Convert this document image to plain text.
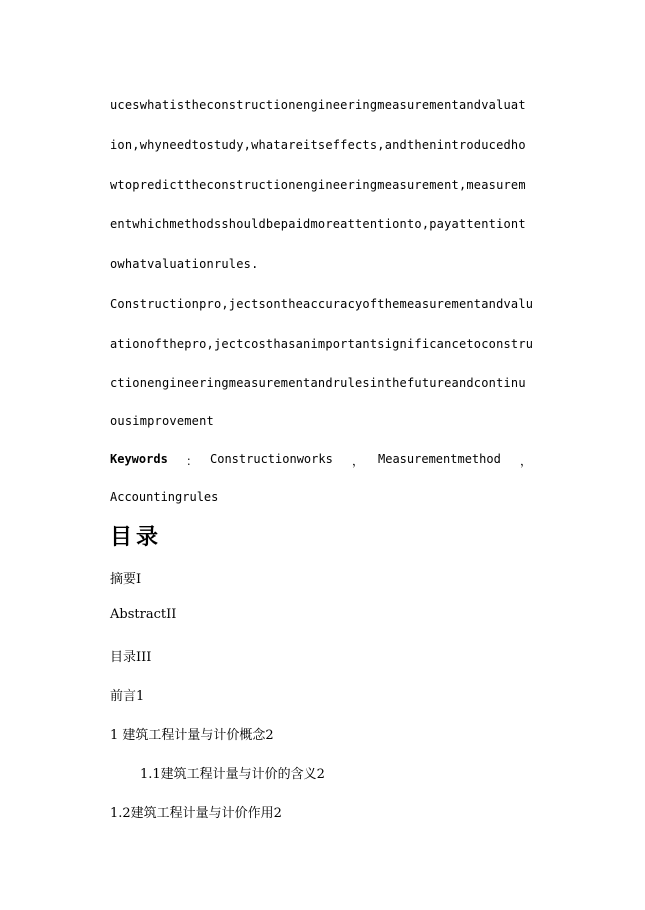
uceswhatistheconstructionengineeringmeasurementandvaluat
ion,whyneedtostudy,whatareitseffects,andthenintroducedho
wtopredicttheconstructionengineeringmeasurement,measurem
entwhichmethodsshouldbepaidmoreattentionto,payattentiont
owhatvaluationrules.
Constructionpro,jectsontheaccuracyofthemeasurementandvalu
ationofthepro,jectcosthasanimportantsignificancetoconstru
ctionengineeringmeasurementandrulesinthefutureandcontinu
ousimprovement
Keywords ： Constructionworks ， Measurementmethod ，
Accountingrules
目录
摘要I
AbstractII
目录III
前言1
1 建筑工程计量与计价概念2
1.1建筑工程计量与计价的含义2
1.2建筑工程计量与计价作用2
